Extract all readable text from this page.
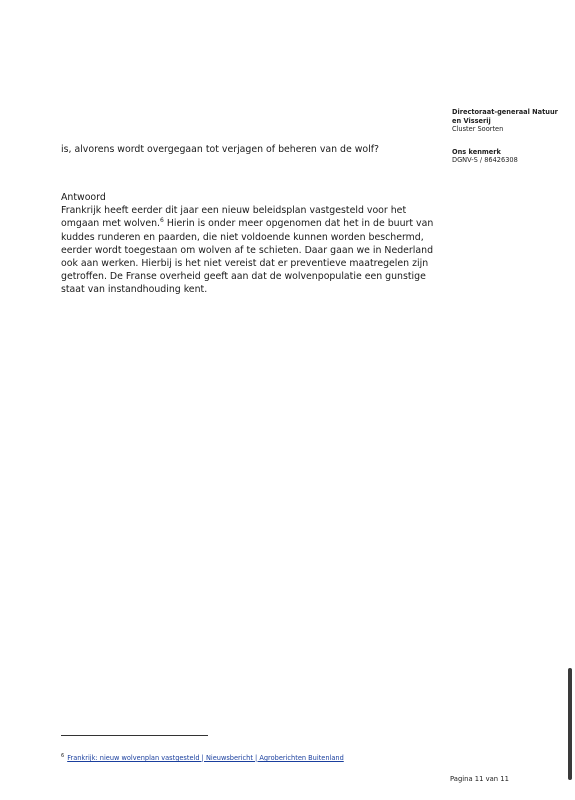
Directoraat-generaal Natuur
en Visserij
Cluster Soorten
Ons kenmerk
DGNV-S / 86426308
is, alvorens wordt overgegaan tot verjagen of beheren van de wolf?

Antwoord

Frankrijk heeft eerder dit jaar een nieuw beleidsplan vastgesteld voor het omgaan met wolven.$^6$ Hierin is onder meer opgenomen dat het in de buurt van kuddes runderen en paarden, die niet voldoende kunnen worden beschermd, eerder wordt toegestaan om wolven af te schieten. Daar gaan we in Nederland ook aan werken. Hierbij is het niet vereist dat er preventieve maatregelen zijn getroffen. De Franse overheid geeft aan dat de wolvenpopulatie een gunstige staat van instandhouding kent.

$^6$ Frankrijk: nieuw wolvenplan vastgesteld | Nieuwsbericht | Agroberichten Buitenland
Pagina 11 van 11
